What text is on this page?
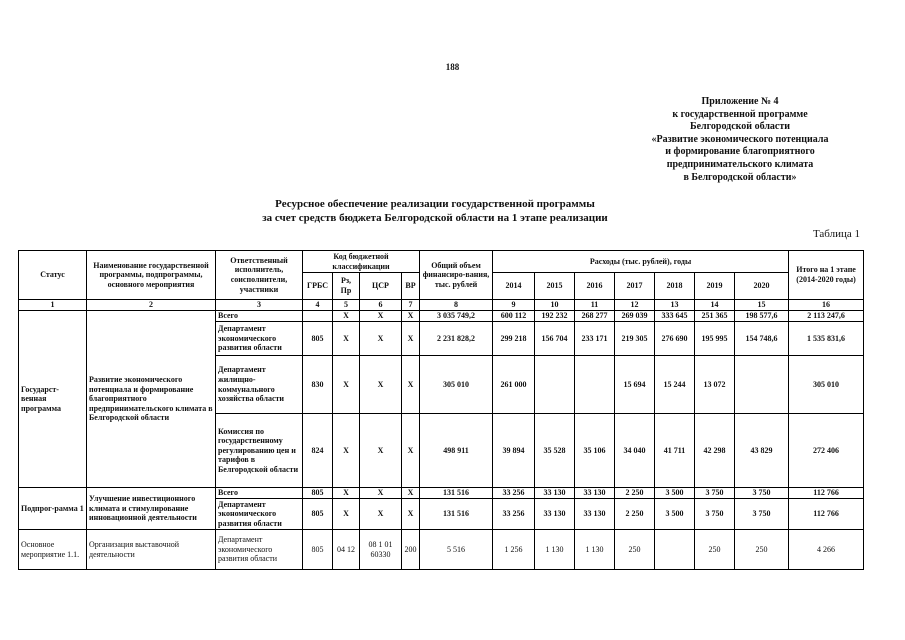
188
Приложение № 4
к государственной программе
Белгородской области
«Развитие экономического потенциала
и формирование благоприятного
предпринимательского климата
в Белгородской области»
Ресурсное обеспечение реализации государственной программы
за счет средств бюджета Белгородской области на 1 этапе реализации
Таблица 1
Статус	Наименование государственной программы, подпрограммы, основного мероприятия	Ответственный исполнитель, соисполнители, участники	Код бюджетной классификации				Общий объем финансиро-вания, тыс. рублей	Расходы (тыс. рублей), годы							Итого на 1 этапе (2014-2020 годы)
			ГРБС	Рз, Пр	ЦСР	ВР		2014	2015	2016	2017	2018	2019	2020	
1	2	3	4	5	6	7	8	9	10	11	12	13	14	15	16
Государст-венная программа	Развитие экономического потенциала и формирование благоприятного предпринимательского климата в Белгородской области	Всего		Х	Х	Х	3 035 749,2	600 112	192 232	268 277	269 039	333 645	251 365	198 577,6	2 113 247,6
		Департамент экономического развития области	805	Х	Х	Х	2 231 828,2	299 218	156 704	233 171	219 305	276 690	195 995	154 748,6	1 535 831,6
		Департамент жилищно-коммунального хозяйства области	830	Х	Х	Х	305 010	261 000			15 694	15 244	13 072		305 010
		Комиссия по государственному регулированию цен и тарифов в Белгородской области	824	Х	Х	Х	498 911	39 894	35 528	35 106	34 040	41 711	42 298	43 829	272 406
Подпрог-рамма 1	Улучшение инвестиционного климата и стимулирование инновационной деятельности	Всего	805	Х	Х	Х	131 516	33 256	33 130	33 130	2 250	3 500	3 750	3 750	112 766
		Департамент экономического развития области	805	Х	Х	Х	131 516	33 256	33 130	33 130	2 250	3 500	3 750	3 750	112 766
Основное мероприятие 1.1.	Организация выставочной деятельности	Департамент экономического развития области	805	04 12	08 1 01 60330	200	5 516	1 256	1 130	1 130	250		250	250	4 266
